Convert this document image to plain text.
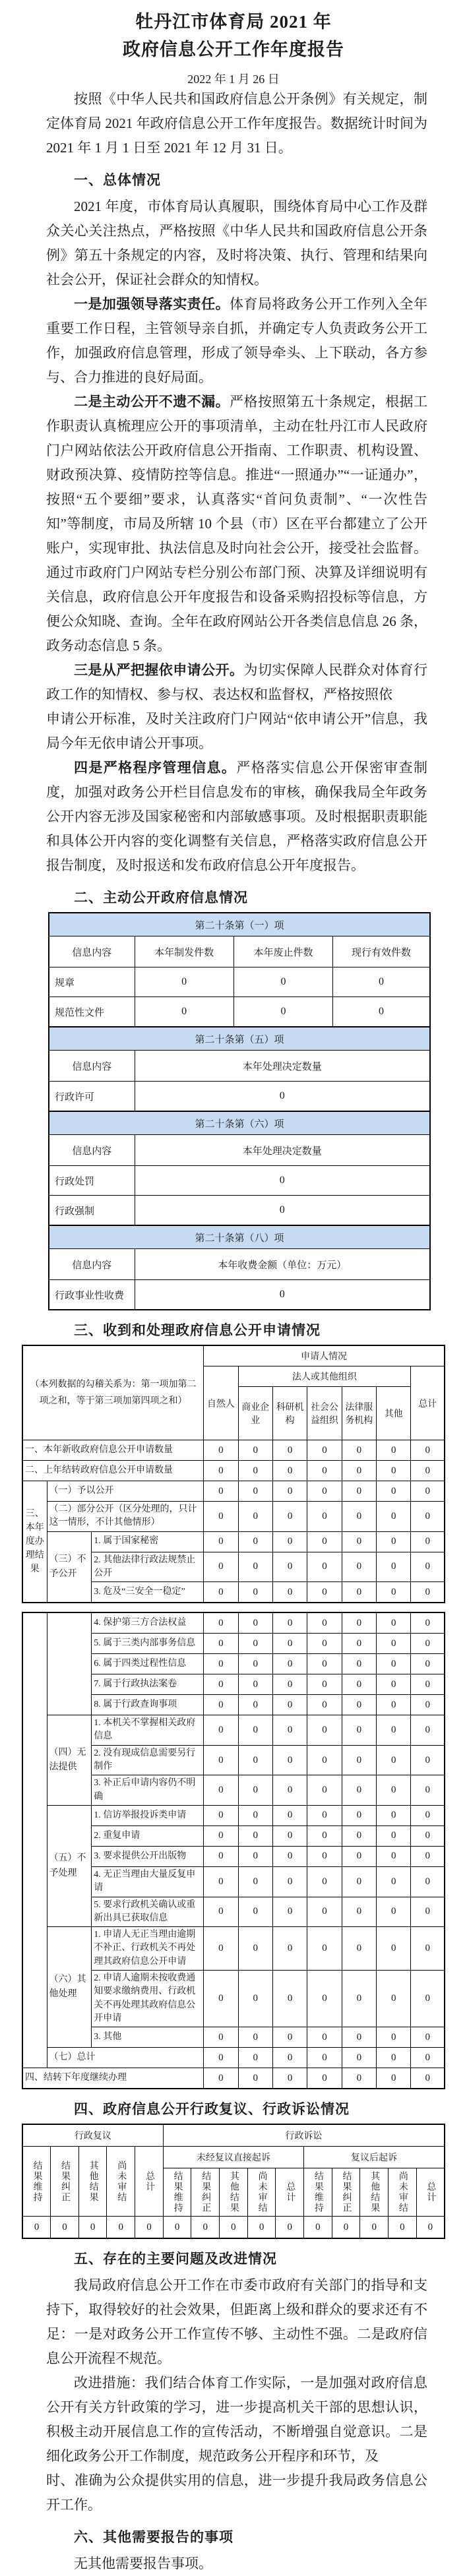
牡丹江市体育局 2021 年
政府信息公开工作年度报告
2022 年 1 月 26 日

按照《中华人民共和国政府信息公开条例》有关规定，制定体育局 2021 年政府信息公开工作年度报告。数据统计时间为 2021 年 1 月 1 日至 2021 年 12 月 31 日。

一、总体情况

2021 年度，市体育局认真履职，围绕体育局中心工作及群众关心关注热点，严格按照《中华人民共和国政府信息公开条例》第五十条规定的内容，及时将决策、执行、管理和结果向社会公开，保证社会群众的知情权。

一是加强领导落实责任。体育局将政务公开工作列入全年重要工作日程，主管领导亲自抓，并确定专人负责政务公开工作，加强政府信息管理，形成了领导牵头、上下联动，各方参与、合力推进的良好局面。

二是主动公开不遗不漏。严格按照第五十条规定，根据工作职责认真梳理应公开的事项清单，主动在牡丹江市人民政府门户网站依法公开政府信息公开指南、工作职责、机构设置、财政预决算、疫情防控等信息。推进“一照通办”“一证通办”，按照“五个要细”要求，认真落实“首问负责制”、“一次性告知”等制度，市局及所辖 10 个县（市）区在平台都建立了公开账户，实现审批、执法信息及时向社会公开，接受社会监督。通过市政府门户网站专栏分别公布部门预、决算及详细说明有关信息，政府信息公开年度报告和设备采购招投标等信息，方便公众知晓、查询。全年在政府网站公开各类信息信息 26 条，政务动态信息 5 条。

三是从严把握依申请公开。为切实保障人民群众对体育行政工作的知情权、参与权、表达权和监督权，严格按照依

申请公开标准，及时关注政府门户网站“依申请公开”信息，我局今年无依申请公开事项。

四是严格程序管理信息。严格落实信息公开保密审查制度，加强对政务公开栏目信息发布的审核，确保我局全年政务公开内容无涉及国家秘密和内部敏感事项。及时根据职责职能和具体公开内容的变化调整有关信息，严格落实政府信息公开报告制度，及时报送和发布政府信息公开年度报告。

二、主动公开政府信息情况
第二十条第（一）项			
信息内容	本年制发件数	本年废止件数	现行有效件数
规章	0	0	0
规范性文件	0	0	0
第二十条第（五）项	
信息内容	本年处理决定数量
行政许可	0
第二十条第（六）项	
信息内容	本年处理决定数量
行政处罚	0
行政强制	0
第二十条第（八）项	
信息内容	本年收费金额（单位：万元）
行政事业性收费	0
三、收到和处理政府信息公开申请情况
（本列数据的勾稽关系为：第一项加第二项之和，等于第三项加第四项之和）			申请人情况						
			自然人	法人或其他组织					总计
				商业企业	科研机构	社会公益组织	法律服务机构	其他	
一、本年新收政府信息公开申请数量			0	0	0	0	0	0	0
二、上年结转政府信息公开申请数量			0	0	0	0	0	0	0
三、本年度办理结果	（一）予以公开		0	0	0	0	0	0	0
	（二）部分公开（区分处理的，只计这一情形，不计其他情形）		0	0	0	0	0	0	0
	（三）不予公开	1. 属于国家秘密	0	0	0	0	0	0	0
		2. 其他法律行政法规禁止公开	0	0	0	0	0	0	0
		3. 危及“三安全一稳定”	0	0	0	0	0	0	0
		4. 保护第三方合法权益	0	0	0	0	0	0	0
		5. 属于三类内部事务信息	0	0	0	0	0	0	0
		6. 属于四类过程性信息	0	0	0	0	0	0	0
		7. 属于行政执法案卷	0	0	0	0	0	0	0
		8. 属于行政查询事项	0	0	0	0	0	0	0
	（四）无法提供	1. 本机关不掌握相关政府信息	0	0	0	0	0	0	0
		2. 没有现成信息需要另行制作	0	0	0	0	0	0	0
		3. 补正后申请内容仍不明确	0	0	0	0	0	0	0
	（五）不予处理	1. 信访举报投诉类申请	0	0	0	0	0	0	0
		2. 重复申请	0	0	0	0	0	0	0
		3. 要求提供公开出版物	0	0	0	0	0	0	0
		4. 无正当理由大量反复申请	0	0	0	0	0	0	0
		5. 要求行政机关确认或重新出具已获取信息	0	0	0	0	0	0	0
	（六）其他处理	1. 申请人无正当理由逾期不补正、行政机关不再处理其政府信息公开申请	0	0	0	0	0	0	0
		2. 申请人逾期未按收费通知要求缴纳费用、行政机关不再处理其政府信息公开申请	0	0	0	0	0	0	0
		3. 其他	0	0	0	0	0	0	0
	（七）总计		0	0	0	0	0	0	0
四、结转下年度继续办理			0	0	0	0	0	0	0
四、政府信息公开行政复议、行政诉讼情况
行政复议					行政诉讼									
结果维持	结果纠正	其他结果	尚未审结	总计	未经复议直接起诉					复议后起诉				
					结果维持	结果纠正	其他结果	尚未审结	总计	结果维持	结果纠正	其他结果	尚未审结	总计
0	0	0	0	0	0	0	0	0	0	0	0	0	0	0
五、存在的主要问题及改进情况

我局政府信息公开工作在市委市政府有关部门的指导和支持下，取得较好的社会效果，但距离上级和群众的要求还有不足：一是对政务公开工作宣传不够、主动性不强。二是政府信息公开流程不规范。

改进措施：我们结合体育工作实际，一是加强对政府信息公开有关方针政策的学习，进一步提高机关干部的思想认识，积极主动开展信息工作的宣传活动，不断增强自觉意识。二是细化政务公开工作制度，规范政务公开程序和环节，及

时、准确为公众提供实用的信息，进一步提升我局政务信息公开工作。

六、其他需要报告的事项

无其他需要报告事项。
